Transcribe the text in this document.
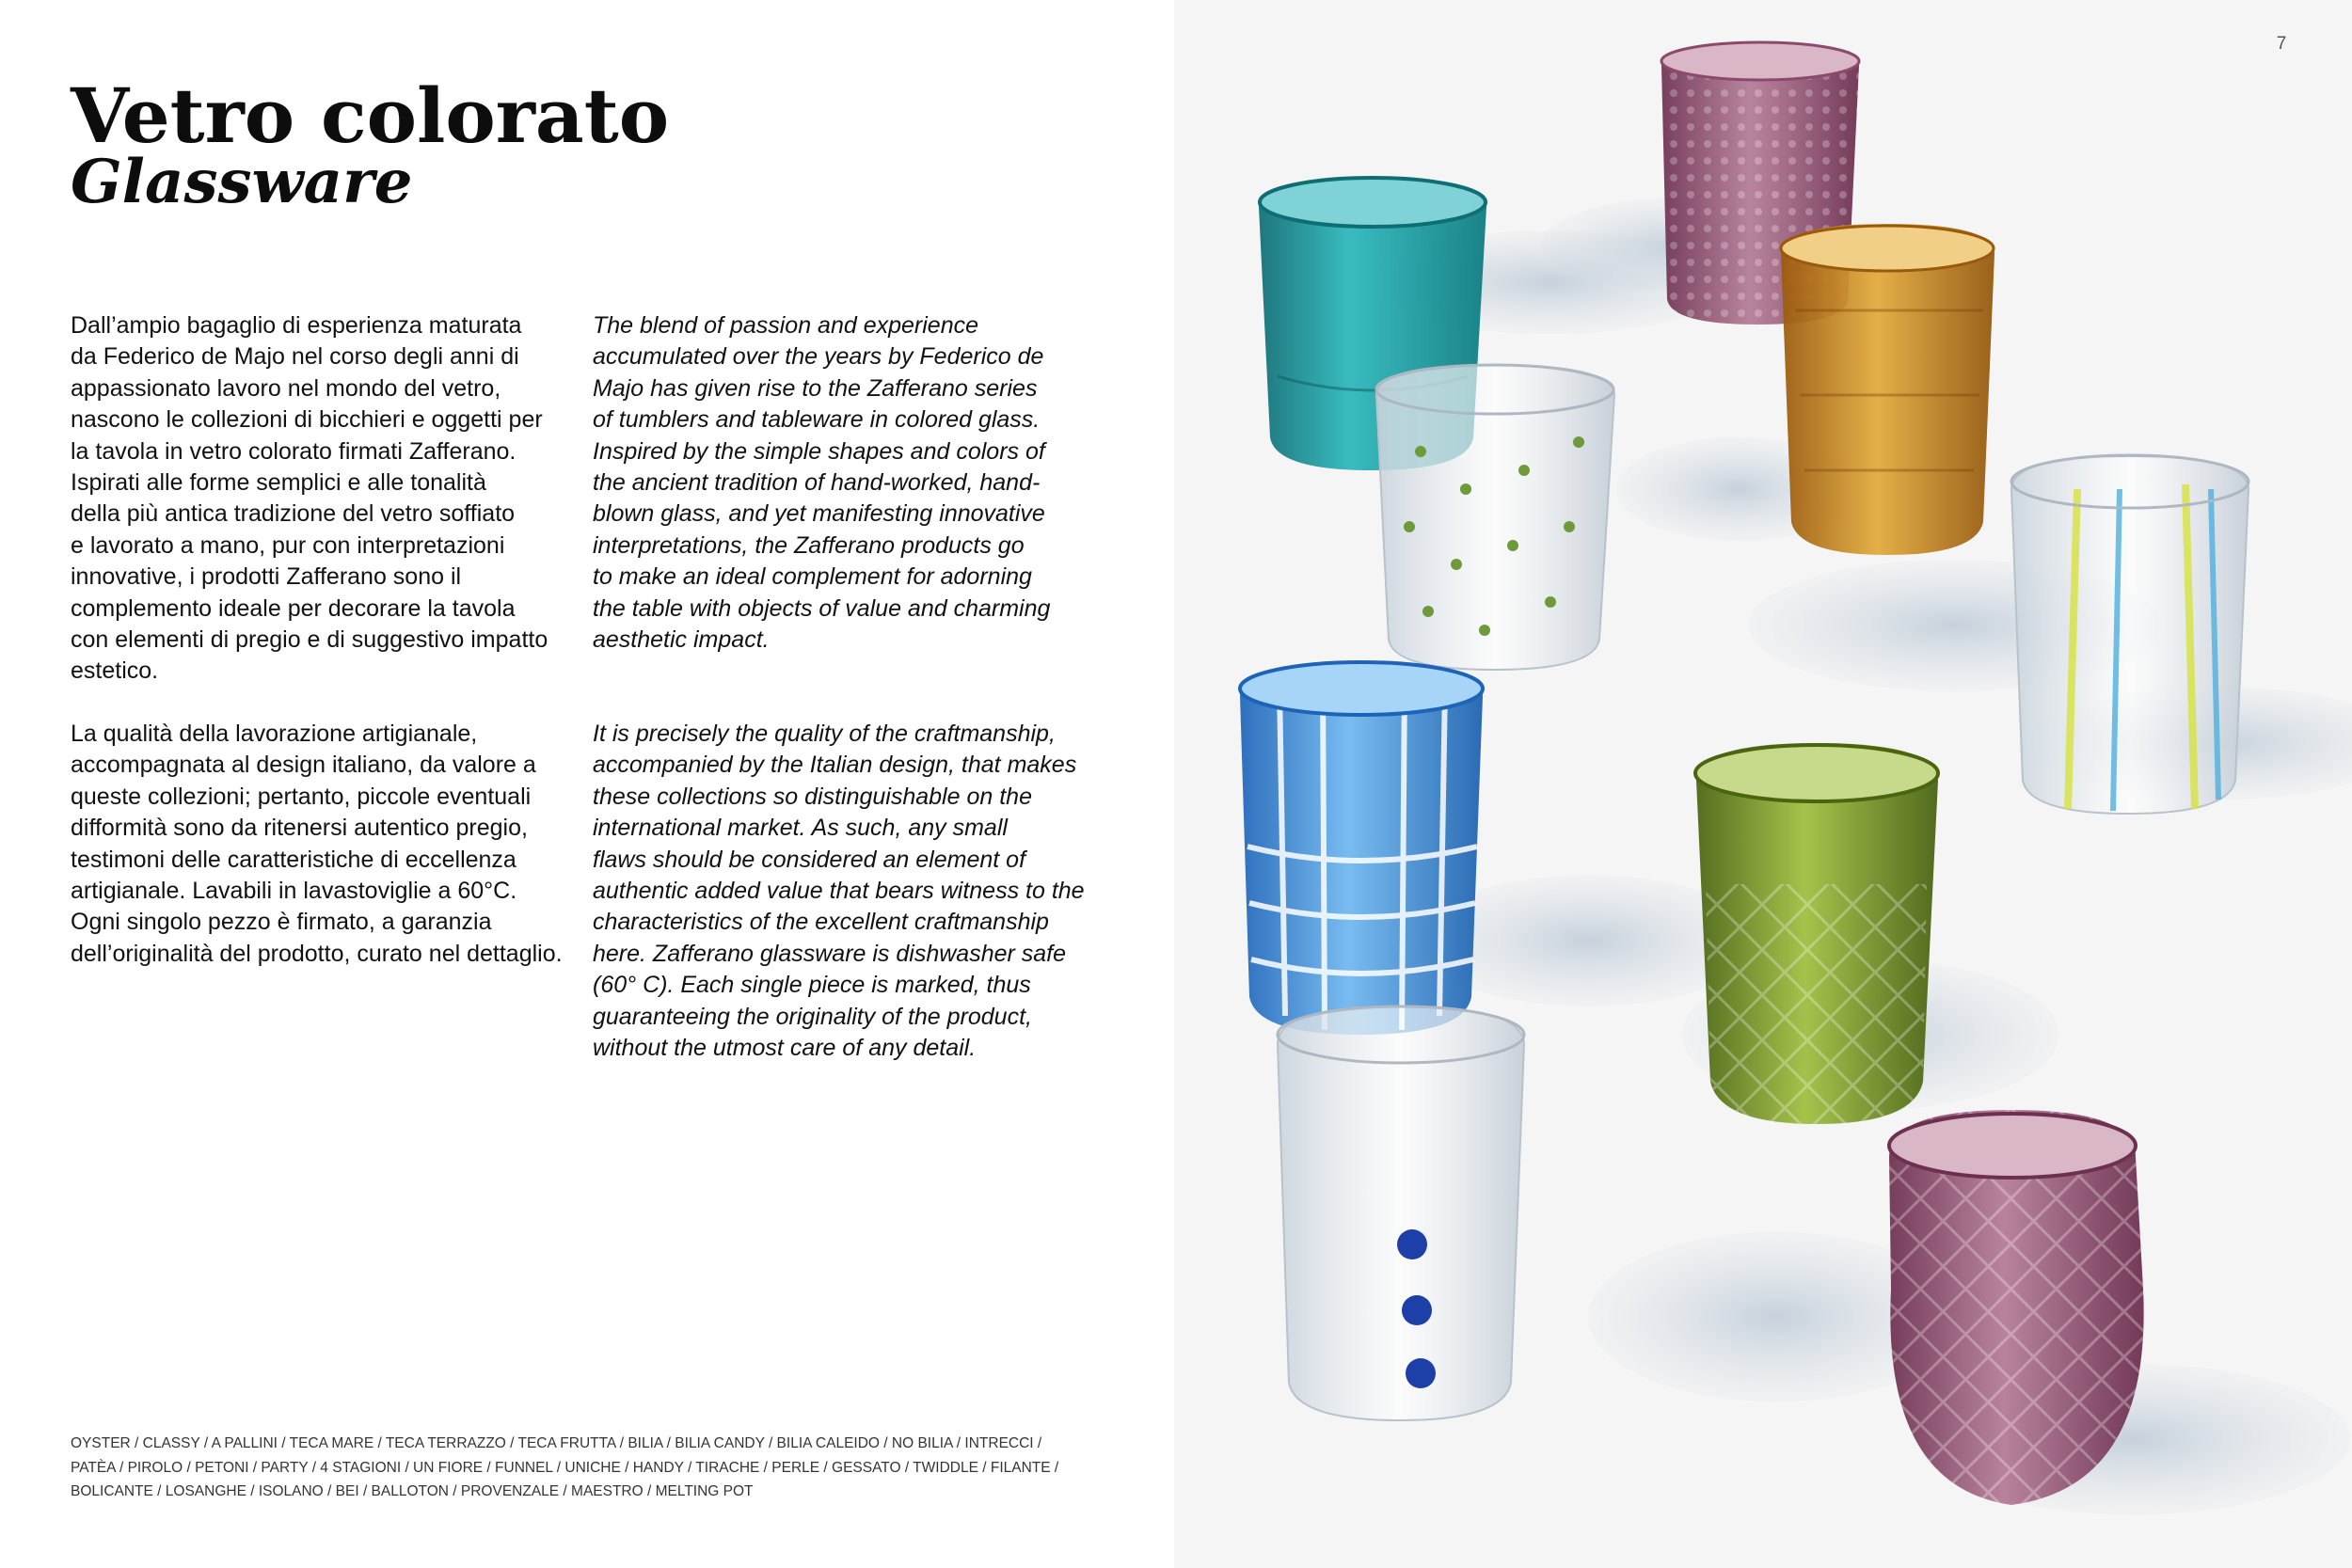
Vetro colorato
Glassware

Dall’ampio bagaglio di esperienza maturata
da Federico de Majo nel corso degli anni di
appassionato lavoro nel mondo del vetro,
nascono le collezioni di bicchieri e oggetti per
la tavola in vetro colorato firmati Zafferano.
Ispirati alle forme semplici e alle tonalità
della più antica tradizione del vetro soffiato
e lavorato a mano, pur con interpretazioni
innovative, i prodotti Zafferano sono il
complemento ideale per decorare la tavola
con elementi di pregio e di suggestivo impatto
estetico.

The blend of passion and experience
accumulated over the years by Federico de
Majo has given rise to the Zafferano series
of tumblers and tableware in colored glass.
Inspired by the simple shapes and colors of
the ancient tradition of hand-worked, hand-
blown glass, and yet manifesting innovative
interpretations, the Zafferano products go
to make an ideal complement for adorning
the table with objects of value and charming
aesthetic impact.

La qualità della lavorazione artigianale,
accompagnata al design italiano, da valore a
queste collezioni; pertanto, piccole eventuali
difformità sono da ritenersi autentico pregio,
testimoni delle caratteristiche di eccellenza
artigianale. Lavabili in lavastoviglie a 60°C.
Ogni singolo pezzo è firmato, a garanzia
dell’originalità del prodotto, curato nel dettaglio.

It is precisely the quality of the craftmanship,
accompanied by the Italian design, that makes
these collections so distinguishable on the
international market. As such, any small
flaws should be considered an element of
authentic added value that bears witness to the
characteristics of the excellent craftmanship
here. Zafferano glassware is dishwasher safe
(60° C). Each single piece is marked, thus
guaranteeing the originality of the product,
without the utmost care of any detail.

OYSTER / CLASSY / A PALLINI / TECA MARE / TECA TERRAZZO / TECA FRUTTA / BILIA / BILIA CANDY / BILIA CALEIDO / NO BILIA / INTRECCI /
PATÈA / PIROLO / PETONI / PARTY / 4 STAGIONI / UN FIORE / FUNNEL / UNICHE / HANDY / TIRACHE / PERLE / GESSATO / TWIDDLE / FILANTE /
BOLICANTE / LOSANGHE / ISOLANO / BEI / BALLOTON / PROVENZALE / MAESTRO / MELTING POT

7
